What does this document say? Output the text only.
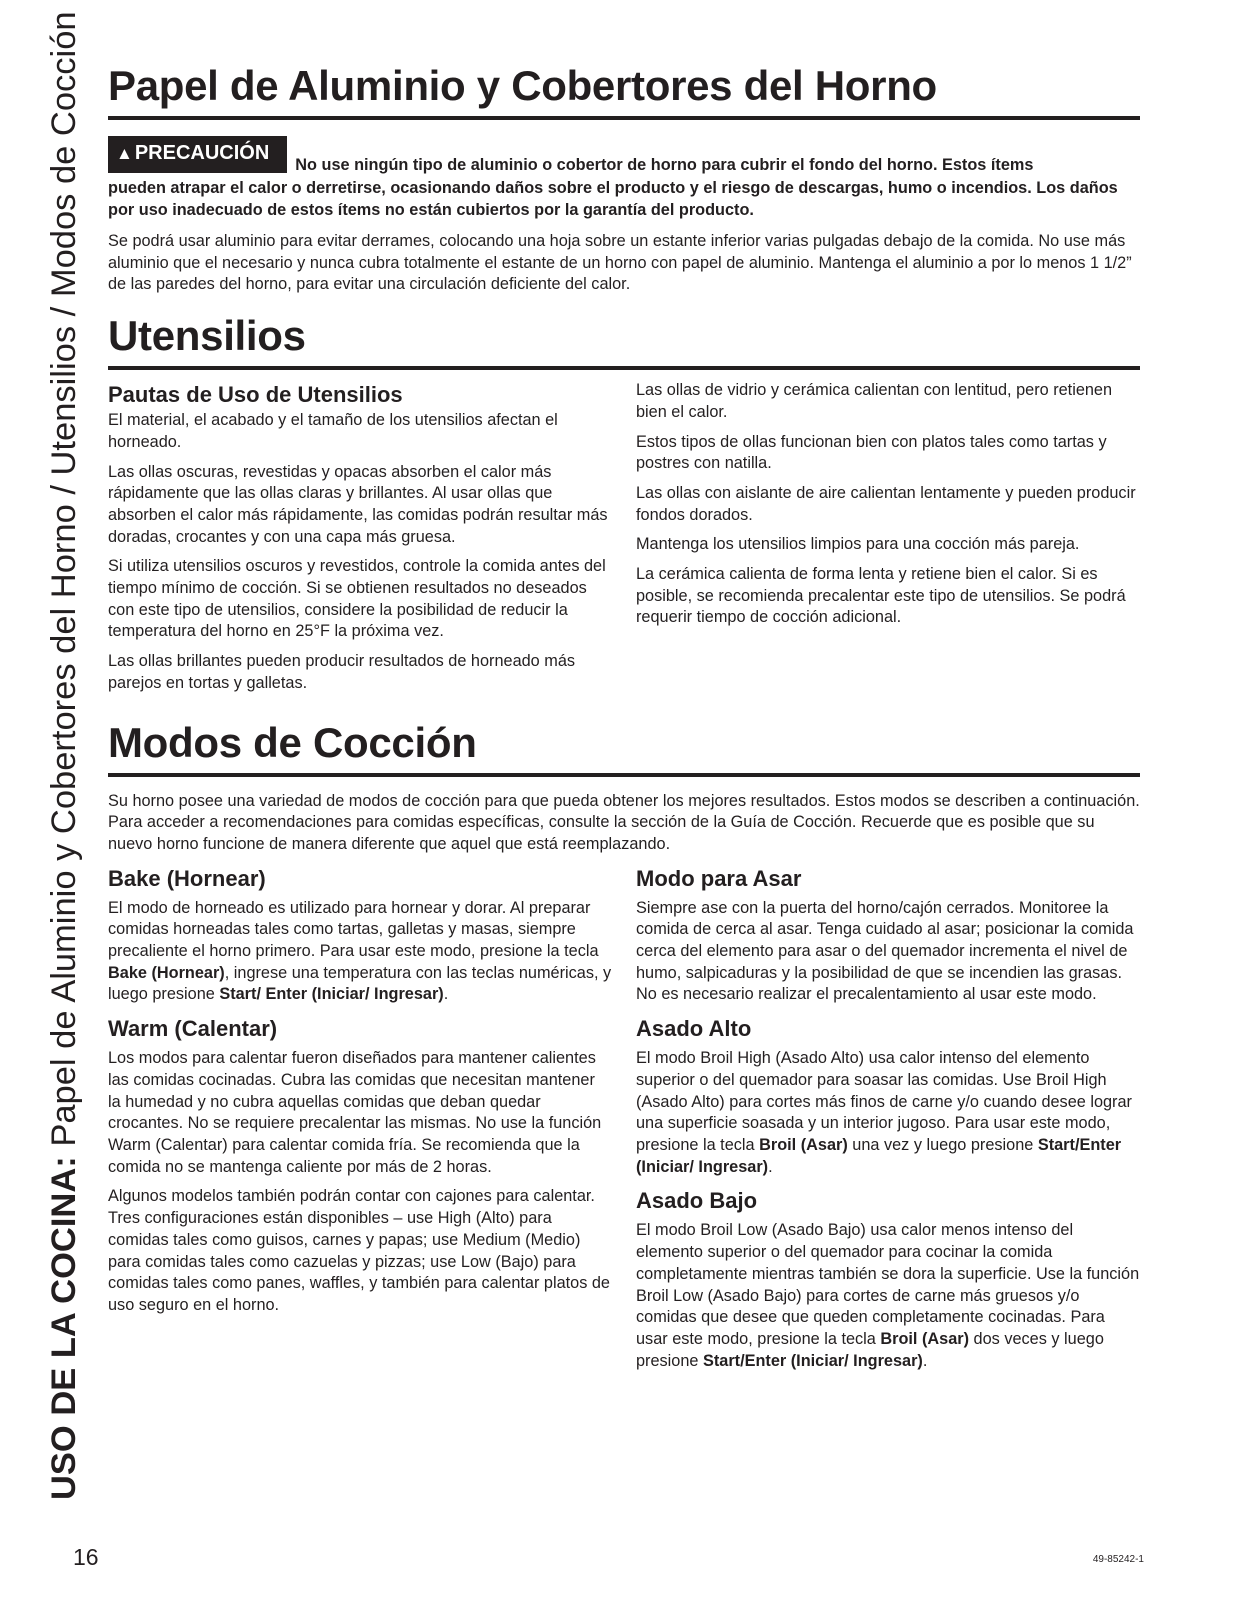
USO DE LA COCINA: Papel de Aluminio y Cobertores del Horno / Utensilios / Modos de Cocción Papel de Aluminio y Cobertores del Horno
▲ PRECAUCIÓNNo use ningún tipo de aluminio o cobertor de horno para cubrir el fondo del horno. Estos ítems
pueden atrapar el calor o derretirse, ocasionando daños sobre el producto y el riesgo de descargas, humo o incendios. Los daños por uso inadecuado de estos ítems no están cubiertos por la garantía del producto.

Se podrá usar aluminio para evitar derrames, colocando una hoja sobre un estante inferior varias pulgadas debajo de la comida. No use más aluminio que el necesario y nunca cubra totalmente el estante de un horno con papel de aluminio. Mantenga el aluminio a por lo menos 1 1/2” de las paredes del horno, para evitar una circulación deficiente del calor.

Utensilios
Pautas de Uso de Utensilios

El material, el acabado y el tamaño de los utensilios afectan el horneado.

Las ollas oscuras, revestidas y opacas absorben el calor más rápidamente que las ollas claras y brillantes. Al usar ollas que absorben el calor más rápidamente, las comidas podrán resultar más doradas, crocantes y con una capa más gruesa.

Si utiliza utensilios oscuros y revestidos, controle la comida antes del tiempo mínimo de cocción. Si se obtienen resultados no deseados con este tipo de utensilios, considere la posibilidad de reducir la temperatura del horno en 25°F la próxima vez.

Las ollas brillantes pueden producir resultados de horneado más parejos en tortas y galletas.

Las ollas de vidrio y cerámica calientan con lentitud, pero retienen bien el calor.

Estos tipos de ollas funcionan bien con platos tales como tartas y postres con natilla.

Las ollas con aislante de aire calientan lentamente y pueden producir fondos dorados.

Mantenga los utensilios limpios para una cocción más pareja.

La cerámica calienta de forma lenta y retiene bien el calor. Si es posible, se recomienda precalentar este tipo de utensilios. Se podrá requerir tiempo de cocción adicional.

Modos de Cocción

Su horno posee una variedad de modos de cocción para que pueda obtener los mejores resultados. Estos modos se describen a continuación. Para acceder a recomendaciones para comidas específicas, consulte la sección de la Guía de Cocción. Recuerde que es posible que su nuevo horno funcione de manera diferente que aquel que está reemplazando.

Bake (Hornear)

El modo de horneado es utilizado para hornear y dorar. Al preparar comidas horneadas tales como tartas, galletas y masas, siempre precaliente el horno primero. Para usar este modo, presione la tecla Bake (Hornear), ingrese una temperatura con las teclas numéricas, y luego presione Start/ Enter (Iniciar/ Ingresar).

Warm (Calentar)

Los modos para calentar fueron diseñados para mantener calientes las comidas cocinadas. Cubra las comidas que necesitan mantener la humedad y no cubra aquellas comidas que deban quedar crocantes. No se requiere precalentar las mismas. No use la función Warm (Calentar) para calentar comida fría. Se recomienda que la comida no se mantenga caliente por más de 2 horas.

Algunos modelos también podrán contar con cajones para calentar. Tres configuraciones están disponibles – use High (Alto) para comidas tales como guisos, carnes y papas; use Medium (Medio) para comidas tales como cazuelas y pizzas; use Low (Bajo) para comidas tales como panes, waffles, y también para calentar platos de uso seguro en el horno.

Modo para Asar

Siempre ase con la puerta del horno/cajón cerrados. Monitoree la comida de cerca al asar. Tenga cuidado al asar; posicionar la comida cerca del elemento para asar o del quemador incrementa el nivel de humo, salpicaduras y la posibilidad de que se incendien las grasas. No es necesario realizar el precalentamiento al usar este modo.

Asado Alto

El modo Broil High (Asado Alto) usa calor intenso del elemento superior o del quemador para soasar las comidas. Use Broil High (Asado Alto) para cortes más finos de carne y/o cuando desee lograr una superficie soasada y un interior jugoso. Para usar este modo, presione la tecla Broil (Asar) una vez y luego presione Start/Enter (Iniciar/ Ingresar).

Asado Bajo

El modo Broil Low (Asado Bajo) usa calor menos intenso del elemento superior o del quemador para cocinar la comida completamente mientras también se dora la superficie. Use la función Broil Low (Asado Bajo) para cortes de carne más gruesos y/o comidas que desee que queden completamente cocinadas. Para usar este modo, presione la tecla Broil (Asar) dos veces y luego presione Start/Enter (Iniciar/ Ingresar).

16	49-85242-1
